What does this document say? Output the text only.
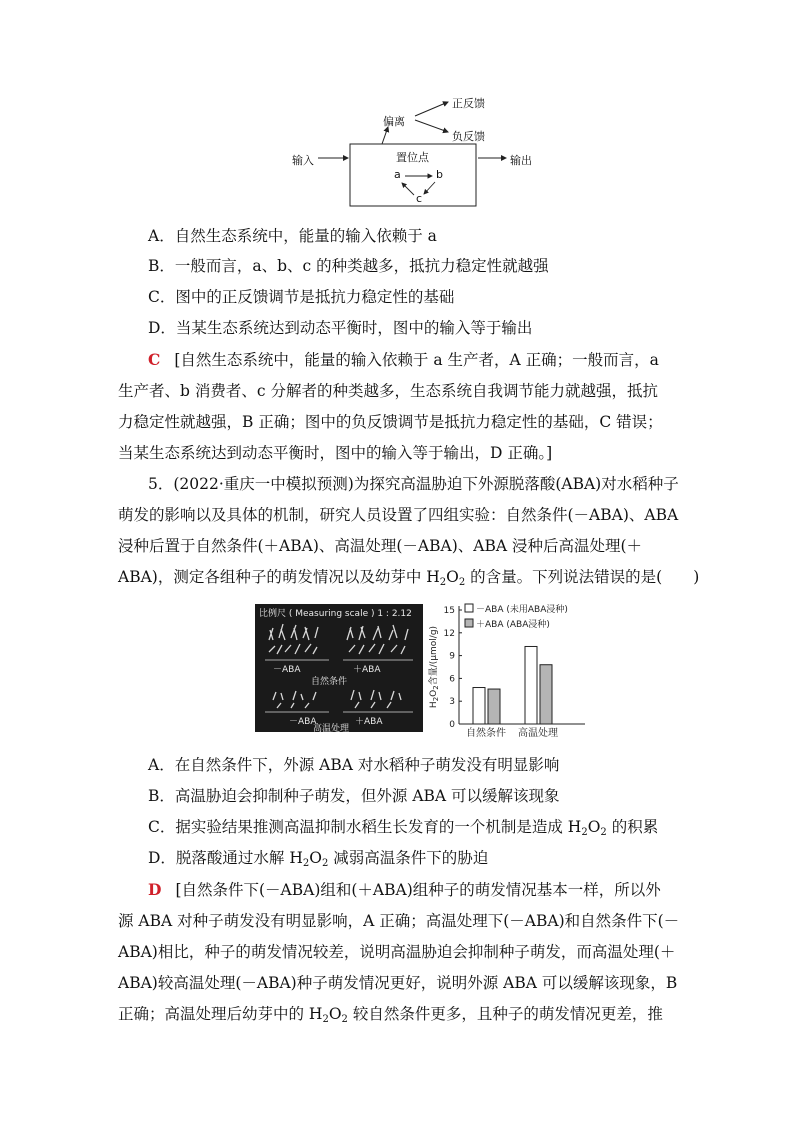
输入	输出
偏离
正反馈
负反馈
置位点
a	b
c
A．自然生态系统中，能量的输入依赖于 a
B．一般而言，a、b、c 的种类越多，抵抗力稳定性就越强
C．图中的正反馈调节是抵抗力稳定性的基础
D．当某生态系统达到动态平衡时，图中的输入等于输出
C [自然生态系统中，能量的输入依赖于 a 生产者，A 正确；一般而言，a
生产者、b 消费者、c 分解者的种类越多，生态系统自我调节能力就越强，抵抗
力稳定性就越强，B 正确；图中的负反馈调节是抵抗力稳定性的基础，C 错误；
当某生态系统达到动态平衡时，图中的输入等于输出，D 正确。]
5．(2022·重庆一中模拟预测)为探究高温胁迫下外源脱落酸(ABA)对水稻种子
萌发的影响以及具体的机制，研究人员设置了四组实验：自然条件(－ABA)、ABA
浸种后置于自然条件(＋ABA)、高温处理(－ABA)、ABA 浸种后高温处理(＋
ABA)，测定各组种子的萌发情况以及幼芽中 $H_2O_2$ 的含量。下列说法错误的是(　　)
比例尺 ( Measuring scale ) 1 : 2.12
－ABA	＋ABA
自然条件
－ABA	＋ABA
高温处理	0
3
6
9
12
15
$H_2O_2$含量/(μmol/g)
自然条件 高温处理
－ABA (未用ABA浸种)
＋ABA (ABA浸种)
A．在自然条件下，外源 ABA 对水稻种子萌发没有明显影响
B．高温胁迫会抑制种子萌发，但外源 ABA 可以缓解该现象
C．据实验结果推测高温抑制水稻生长发育的一个机制是造成 $H_2O_2$ 的积累
D．脱落酸通过水解 $H_2O_2$ 减弱高温条件下的胁迫
D [自然条件下(－ABA)组和(＋ABA)组种子的萌发情况基本一样，所以外
源 ABA 对种子萌发没有明显影响，A 正确；高温处理下(－ABA)和自然条件下(－
ABA)相比，种子的萌发情况较差，说明高温胁迫会抑制种子萌发，而高温处理(＋
ABA)较高温处理(－ABA)种子萌发情况更好，说明外源 ABA 可以缓解该现象，B
正确；高温处理后幼芽中的 $H_2O_2$ 较自然条件更多，且种子的萌发情况更差，推
